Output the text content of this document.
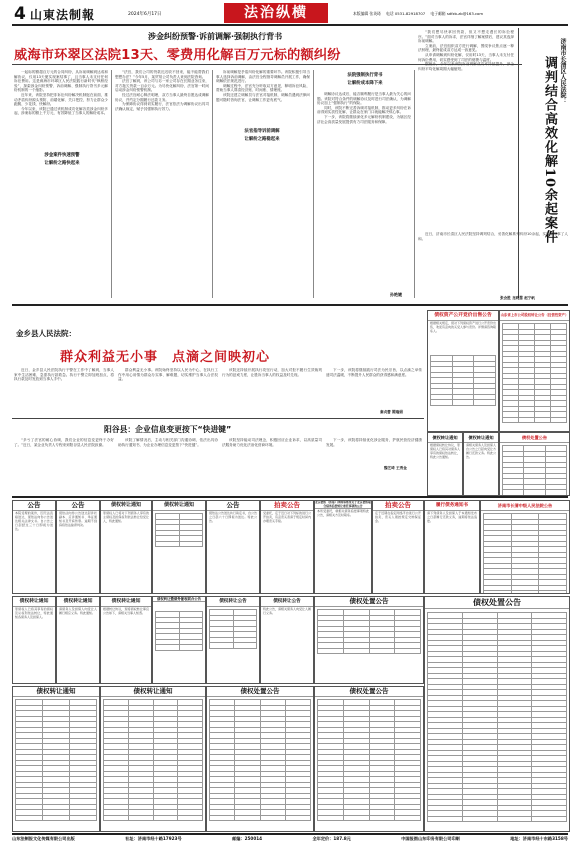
4 山東法制報	2024年6月17日	法治纵横	本版编辑 张英琦 电话 0531-82918707 电子邮箱 sdfzb-zb@163.com
涉金纠纷预警·诉前调解·强制执行背书
威海市环翠区法院13天、零费用化解百万元标的额纠纷

一起标的额超百万元的合同纠纷，从诉前调解到达成和解协议，仅用13天便实现案结事了，且当事人未支付任何诉讼费用。这是威海市环翠区人民法院践行新时代“枫桥经验”，探索涉金纠纷预警、诉前调解、强制执行背书多元解纷机制的一个缩影。

近年来，该院坚持把非诉讼纠纷解决机制挺在前面，推动矛盾纠纷源头预防、前端化解、关口把控，努力让群众少跑腿、少花钱、快解纷。

今年以来，该院已通过该机制成功化解各类涉金纠纷多起，涉案标的额上千万元，有效降低了当事人的解纷成本。

涉金案件快速预警
让解纷之路快起来

“法官，我们公司的货款迟迟收不回来，能不能帮我们想想办法？”今年5月，某贸易公司负责人来到法院咨询。

法官了解到，该公司与另一家公司存在长期业务往来，对方拖欠货款一百余万元。为尽快化解纠纷，法官第一时间启动涉金纠纷预警机制。

经过法官耐心释法明理，双方当事人最终自愿达成调解协议，并约定分期履行还款义务。

为保障协议得到切实履行，法官依法为调解协议出具司法确认裁定，赋予其强制执行效力。

法官指导诉前调解
让解纷之路稳起来

诉前调解是矛盾纠纷化解的重要环节。该院积极引导当事人选择诉前调解，由法官全程指导调解员开展工作，确保调解依法规范进行。

调解过程中，法官充分听取双方意见，释明诉讼风险，帮助当事人算清经济账、时间账、情理账。

该院还建立调解员与法官对接机制，调解员遇到法律问题可随时咨询法官，让调解工作更有底气。

法院强制执行背书
让解纷成本降下来

调解协议达成后，能否顺利履行是当事人最为关心的问题。该院对符合条件的调解协议及时进行司法确认，为调解协议加上“强制执行”的保险。

同时，该院不断完善诉调对接机制，推动更多纠纷在诉前得到实质性化解，让群众在家门口就能解决烦心事。

下一步，该院将继续深化多元解纷机制建设，为辖区经济社会高质量发展提供有力司法服务和保障。

孙艳婕

“我们想尽快拿回货款，但又不想走漫长的诉讼程序。”面对当事人的诉求，法官详细了解案情后，建议其选择诉前调解。

立案前，法官组织双方进行调解，围绕争议焦点逐一释法析理，最终促成双方达成一致意见。

从申请调解到纠纷化解，仅用时13天，当事人未支付任何诉讼费用，切实感受到了司法的便捷与温度。

据统计，今年以来该院诉前调解成功率持续提升，涉金纠纷平均化解周期大幅缩短。	济南市长清区人民法院：
调判结合高效化解10余起案件

近日，济南市长清区人民法院坚持调判结合，妥善化解系列纠纷10余起，实现案结事了人和。

张会胜 龙晓慧 赵宁帆
金乡县人民法院：
群众利益无小事　点滴之间映初心

近日，金乡县人民法院执行干警在工作中了解到，当事人家中生活困难，急需执行款救急。执行干警立即加班加点，将执行款及时发放到当事人手中。

群众利益无小事。该院始终坚持以人民为中心，在执行工作中用心用情为群众办实事、解难题，切实维护当事人合法权益。

该院还持续开展执行攻坚行动，加大对拒不履行生效裁判行为的惩戒力度，让胜诉当事人的权益及时兑现。

下一步，该院将继续践行司法为民宗旨，以点滴之举传递司法温暖，不断提升人民群众的获得感和满意度。

秦贞蕾 閻瑞娟
阳谷县：企业信息变更按下“快进键”

“多亏了法官的耐心协调，我们企业的信息变更终于办好了。”近日，某企业负责人专程来到阳谷县人民法院致谢。

该院了解情况后，主动与相关部门沟通协调，依法出具协助执行通知书，为企业办理信息变更按下“快进键”。

该院坚持能动司法理念，积极回应企业诉求，以高质量司法服务助力优化法治化营商环境。

下一步，该院将持续优化涉企服务，护航民营经济健康发展。

魏艺琦 王秀金
债权资产公开竞价出售公告
根据相关规定，现对下列债权资产进行公开竞价出售，欢迎有意向的买受人参与竞价。详情请咨询联系人。

山东省上市公司股权转让公告（经营性资产）

债权转让通知
根据债权转让协议，原债权人已将其对债务人享有的债权依法转让，特此公告通知。
债权转让通知
请相关债务人及担保人自公告之日起向受让方履行还款义务。特此公告。
债权处置公告

公告
本院受理的案件，因无法直接送达，现依法向你公告送达相关法律文书。自公告之日起经过三十日即视为送达。
公告
现依法向你公告送达起诉状副本、应诉通知书、举证通知书及开庭传票。逾期不到庭将依法缺席判决。
债权转让通知
原债权人已将对下列债务人享有的主债权及担保权利依法转让给受让人，特此通知。
债权转让通知

		公告
现依法公告送达执行裁定书，自公告之日起六十日即视为送达。特此公告。
拍卖公告
受委托，定于近日对下列标的进行公开拍卖，有意竞买者请于规定时间内办理竞买手续。
北京德恒（济南）律师事务所关于北京德恒联合债务追偿转让委托事项的公告
本所受委托，就相关债务追偿事项特此公告，请相关方及时联系。
拍卖公告
定于近期在指定网络平台进行公开拍卖，竞买人须按规定交纳保证金。
履行债务通知书
请下列债务人及担保人于本通知发布之日起履行还款义务，逾期将依法追偿。
济南市长清中级人民法院公告

债权转让通知
原债权人已将其享有的债权及从权利依法转让，特此通知各债务人及担保人。
债权转让通知
请债务人及担保人向受让人履行相应义务。特此通知。
债权转让通知
根据转让协议，现将债权转让事宜公告如下，请相关当事人知悉。
债权转让暨债务催收联合公告

		债权转让公告

		债权转让公告
特此公告，请相关债务人向受让人履行义务。
债权处置公告

				债权处置公告

债权转让通知

			债权转让通知

				债权处置公告

				债权处置公告

山东法制报文化传媒有限公司出版	社址：济南市经十路17923号	邮编：250014	全年定价：187.8元	中国报图山东印务有限公司印刷	地址：济南市经十东路3158号
